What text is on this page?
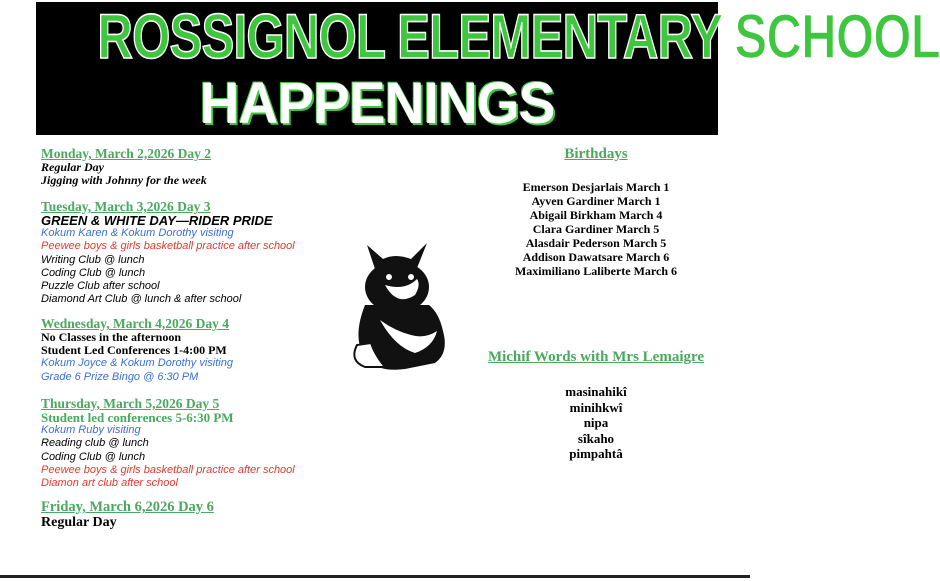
ROSSIGNOL ELEMENTARY SCHOOL
HAPPENINGS
Monday, March 2,2026 Day 2
Regular Day
Jigging with Johnny for the week
Tuesday, March 3,2026 Day 3
GREEN & WHITE DAY—RIDER PRIDE
Kokum Karen & Kokum Dorothy visiting
Peewee boys & girls basketball practice after school
Writing Club @ lunch
Coding Club @ lunch
Puzzle Club after school
Diamond Art Club @ lunch & after school
Wednesday, March 4,2026 Day 4
No Classes in the afternoon
Student Led Conferences 1-4:00 PM
Kokum Joyce & Kokum Dorothy visiting
Grade 6 Prize Bingo @ 6:30 PM
Thursday, March 5,2026 Day 5
Student led conferences 5-6:30 PM
Kokum Ruby visiting
Reading club @ lunch
Coding Club @ lunch
Peewee boys & girls basketball practice after school
Diamon art club after school
Friday, March 6,2026 Day 6
Regular Day
Birthdays
Emerson Desjarlais March 1
Ayven Gardiner March 1
Abigail Birkham March 4
Clara Gardiner March 5
Alasdair Pederson March 5
Addison Dawatsare March 6
Maximiliano Laliberte March 6
Michif Words with Mrs Lemaigre
masinahikî
minihkwî
nipa
sîkaho
pimpahtâ
